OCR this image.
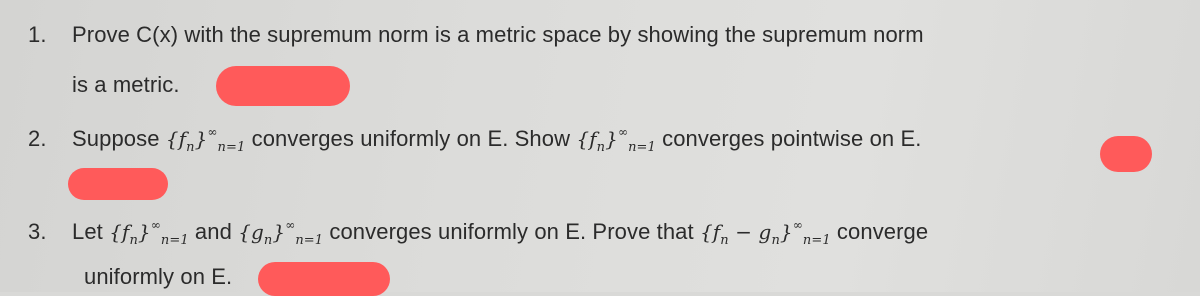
1. Prove C(x) with the supremum norm is a metric space by showing the supremum norm
is a metric.
2. Suppose $\{f_n\}^\infty_{n=1}$ converges uniformly on E. Show $\{f_n\}^\infty_{n=1}$ converges pointwise on E.
3. Let $\{f_n\}^\infty_{n=1}$ and $\{g_n\}^\infty_{n=1}$ converges uniformly on E. Prove that $\{f_n - g_n\}^\infty_{n=1}$ converge
uniformly on E.
